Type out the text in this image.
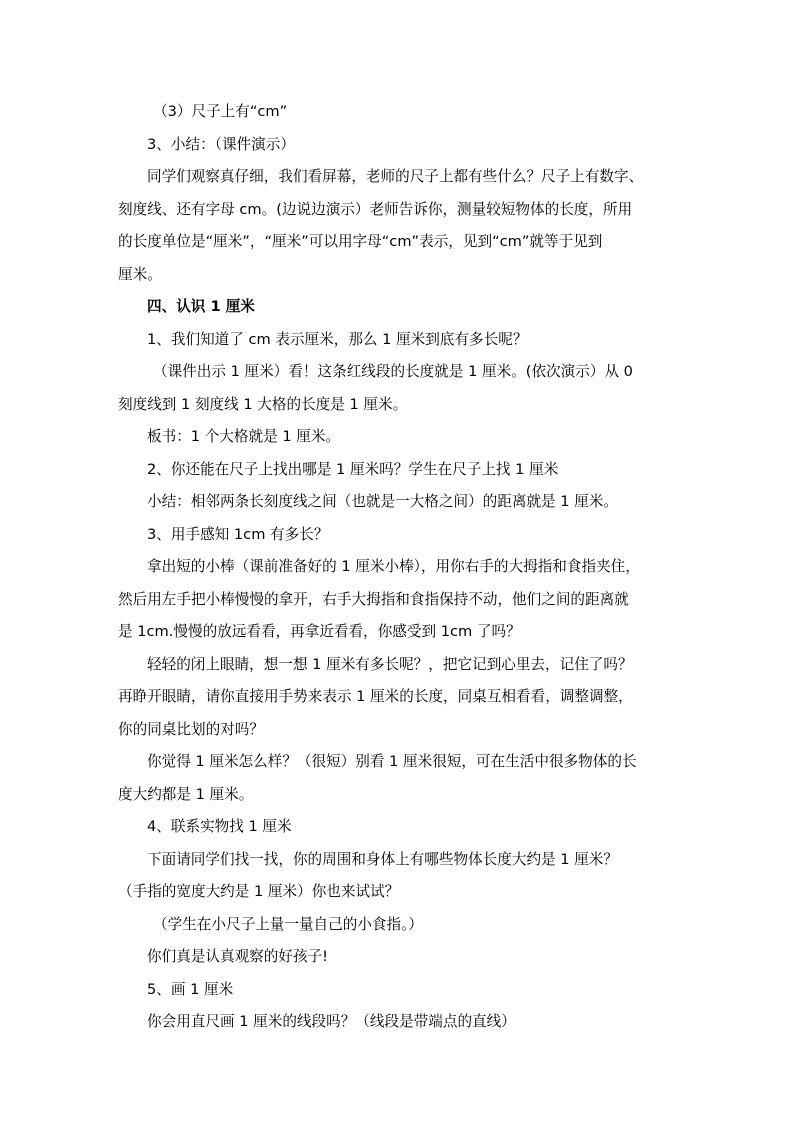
（3）尺子上有“cm”

3、小结：（课件演示）

同学们观察真仔细，我们看屏幕，老师的尺子上都有些什么？尺子上有数字、

刻度线、还有字母 cm。(边说边演示）老师告诉你，测量较短物体的长度，所用

的长度单位是“厘米”，“厘米”可以用字母“cm”表示，见到“cm”就等于见到

厘米。

四、认识 1 厘米

1、我们知道了 cm 表示厘米，那么 1 厘米到底有多长呢？

（课件出示 1 厘米）看！这条红线段的长度就是 1 厘米。(依次演示）从 0

刻度线到 1 刻度线 1 大格的长度是 1 厘米。

板书：1 个大格就是 1 厘米。

2、你还能在尺子上找出哪是 1 厘米吗？学生在尺子上找 1 厘米

小结：相邻两条长刻度线之间（也就是一大格之间）的距离就是 1 厘米。

3、用手感知 1cm 有多长？

拿出短的小棒（课前准备好的 1 厘米小棒），用你右手的大拇指和食指夹住，

然后用左手把小棒慢慢的拿开，右手大拇指和食指保持不动，他们之间的距离就

是 1cm.慢慢的放远看看，再拿近看看，你感受到 1cm 了吗？

轻轻的闭上眼睛，想一想 1 厘米有多长呢？，把它记到心里去，记住了吗？

再睁开眼睛，请你直接用手势来表示 1 厘米的长度，同桌互相看看，调整调整，

你的同桌比划的对吗？

你觉得 1 厘米怎么样？（很短）别看 1 厘米很短，可在生活中很多物体的长

度大约都是 1 厘米。

4、联系实物找 1 厘米

下面请同学们找一找，你的周围和身体上有哪些物体长度大约是 1 厘米？

（手指的宽度大约是 1 厘米）你也来试试？

（学生在小尺子上量一量自己的小食指。）

你们真是认真观察的好孩子!

5、画 1 厘米

你会用直尺画 1 厘米的线段吗？（线段是带端点的直线）
